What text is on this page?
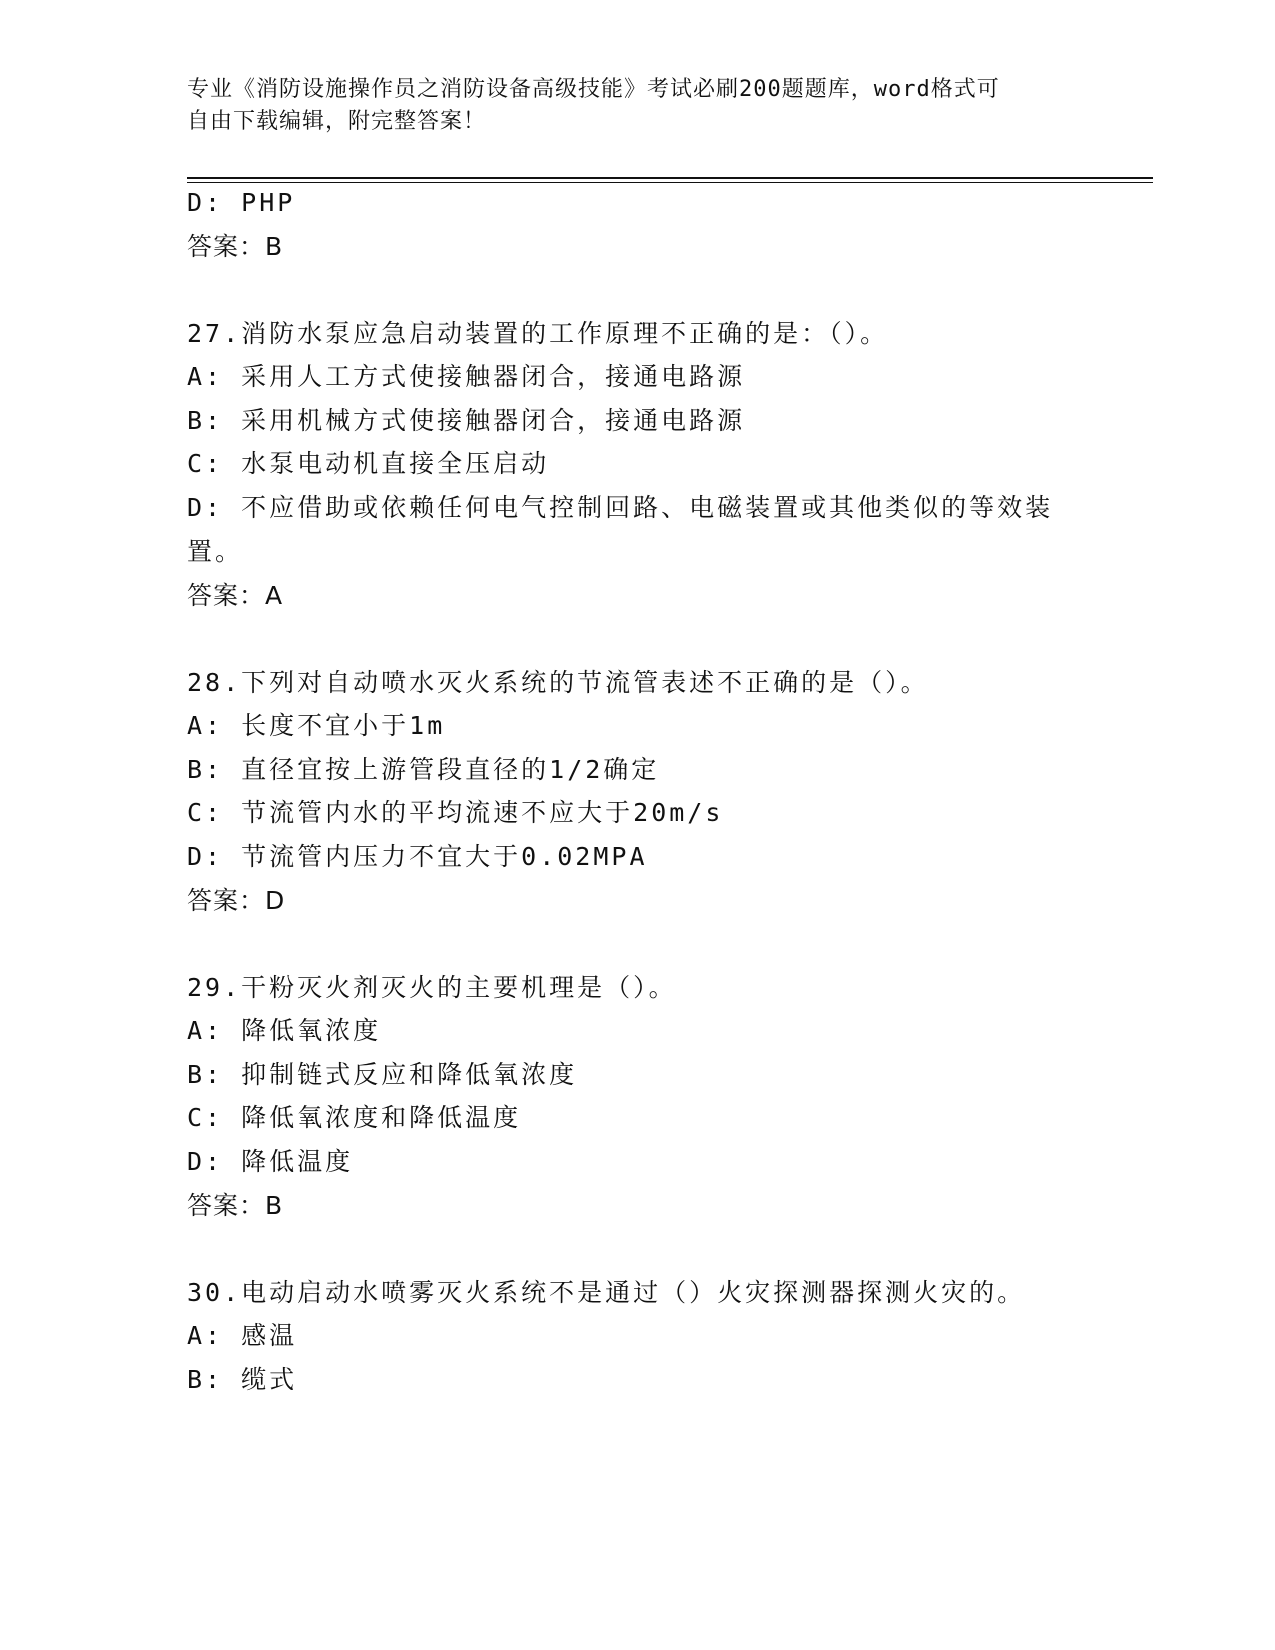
专业《消防设施操作员之消防设备高级技能》考试必刷200题题库，word格式可
自由下载编辑，附完整答案！
D: PHP
答案：B
27.消防水泵应急启动装置的工作原理不正确的是：（）。
A: 采用人工方式使接触器闭合，接通电路源
B: 采用机械方式使接触器闭合，接通电路源
C: 水泵电动机直接全压启动
D: 不应借助或依赖任何电气控制回路、电磁装置或其他类似的等效装
置。
答案：A
28.下列对自动喷水灭火系统的节流管表述不正确的是（）。
A: 长度不宜小于1m
B: 直径宜按上游管段直径的1/2确定
C: 节流管内水的平均流速不应大于20m/s
D: 节流管内压力不宜大于0.02MPA
答案：D
29.干粉灭火剂灭火的主要机理是（）。
A: 降低氧浓度
B: 抑制链式反应和降低氧浓度
C: 降低氧浓度和降低温度
D: 降低温度
答案：B
30.电动启动水喷雾灭火系统不是通过（）火灾探测器探测火灾的。
A: 感温
B: 缆式
